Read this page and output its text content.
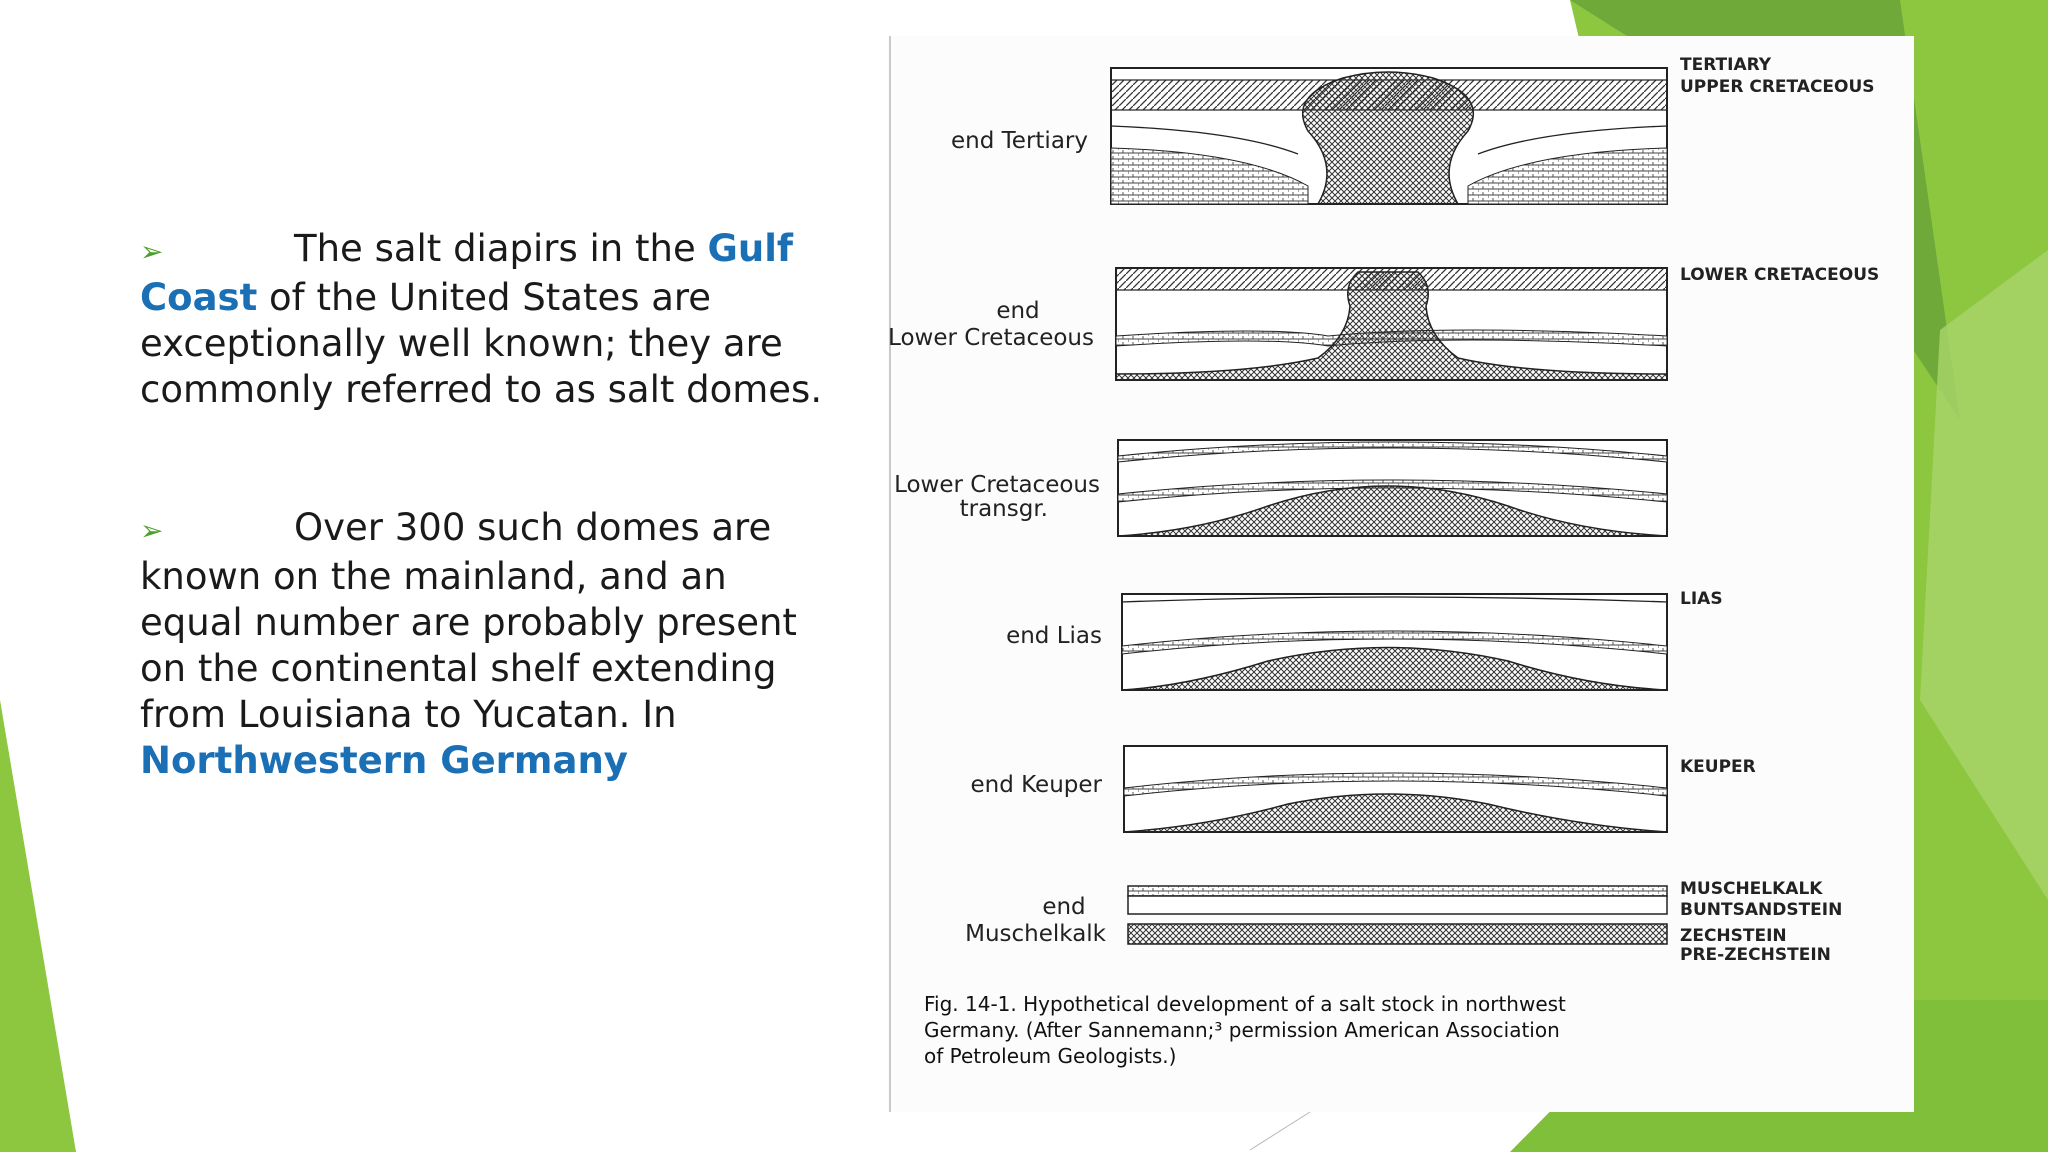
➢	The salt diapirs in the Gulf Coast of the United States are exceptionally well known; they are commonly referred to as salt domes.

➢	Over 300 such domes are known on the mainland, and an equal number are probably present on the continental shelf extending from Louisiana to Yucatan. In Northwestern Germany

end Tertiary
end
Lower Cretaceous
Lower Cretaceous
transgr.
end Lias
end Keuper
end
Muschelkalk
TERTIARY
UPPER CRETACEOUS
LOWER CRETACEOUS
LIAS
KEUPER
MUSCHELKALK
BUNTSANDSTEIN
ZECHSTEIN
PRE-ZECHSTEIN
Fig. 14-1. Hypothetical development of a salt stock in northwest
Germany. (After Sannemann;³ permission American Association
of Petroleum Geologists.)
